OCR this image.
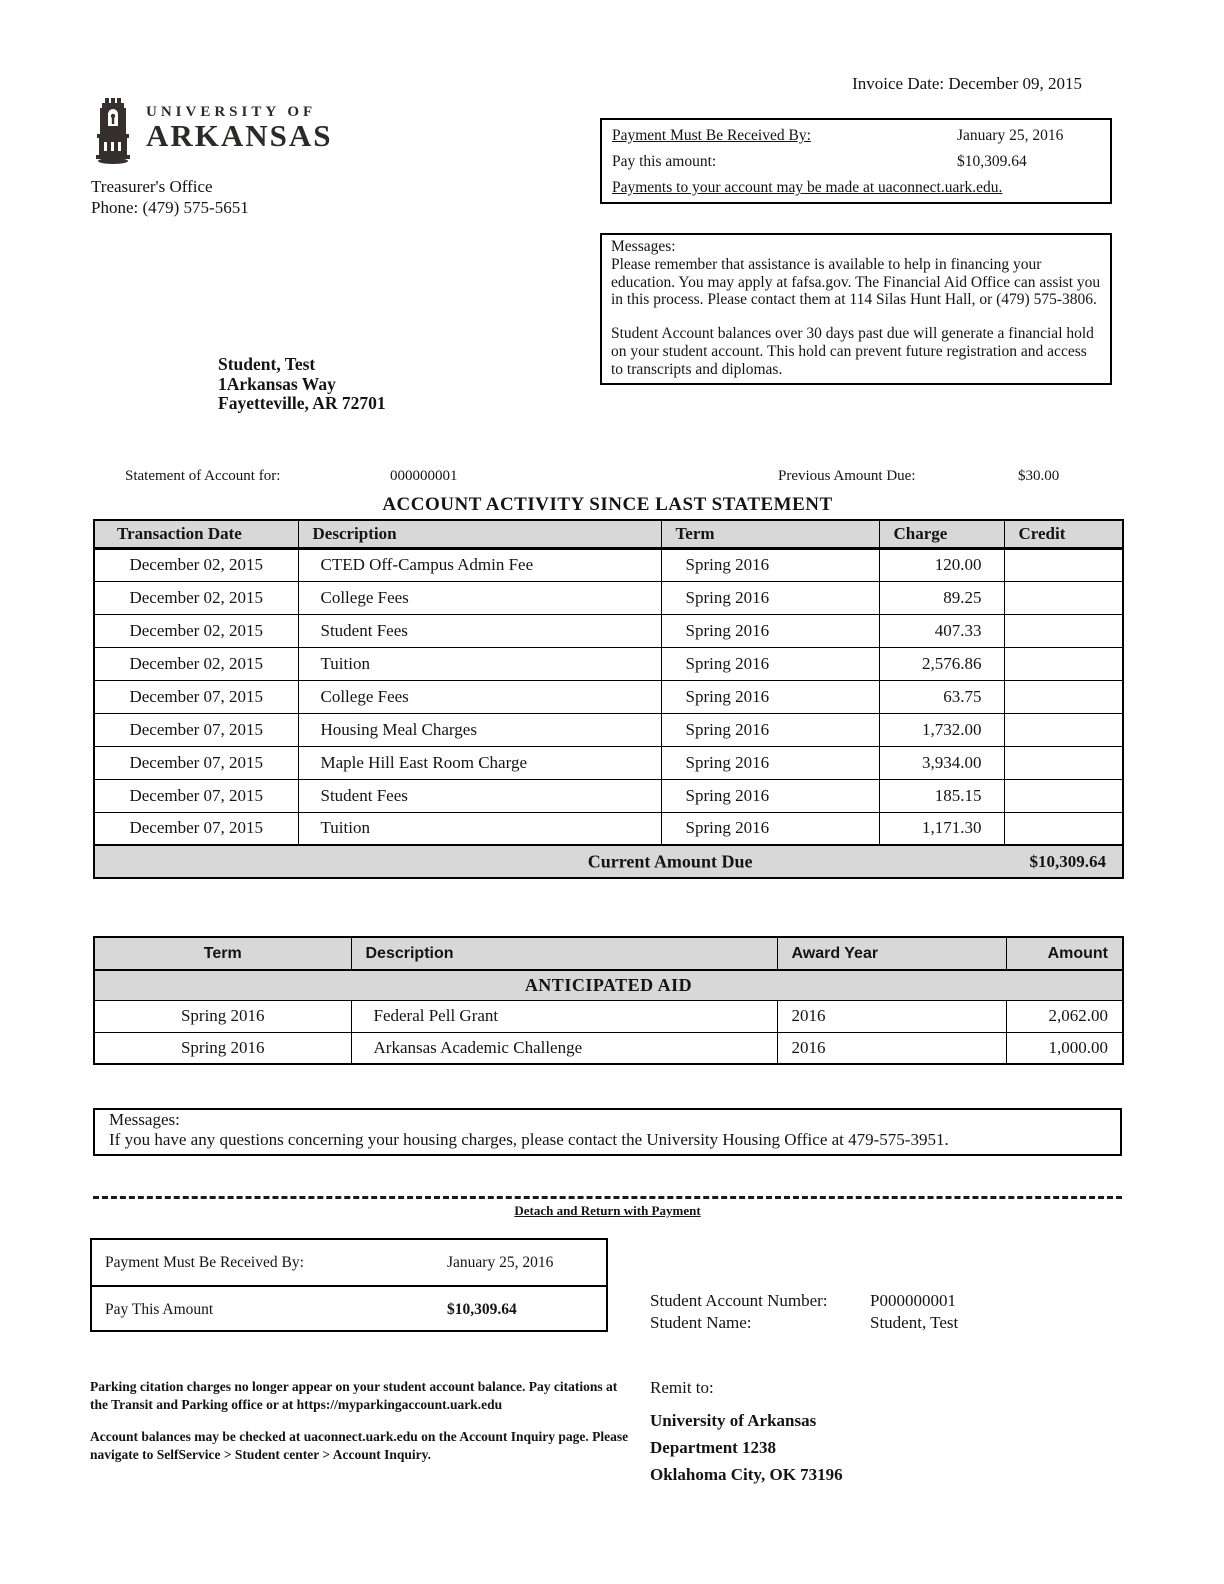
Invoice Date: December 09, 2015
UNIVERSITY OF
ARKANSAS
Treasurer's Office
Phone: (479) 575-5651
Payment Must Be Received By:	January 25, 2016
Pay this amount:	$10,309.64
Payments to your account may be made at uaconnect.uark.edu.
Messages:
Please remember that assistance is available to help in financing your education. You may apply at fafsa.gov. The Financial Aid Office can assist you in this process. Please contact them at 114 Silas Hunt Hall, or (479) 575-3806.
Student Account balances over 30 days past due will generate a financial hold on your student account. This hold can prevent future registration and access to transcripts and diplomas.
Student, Test
1Arkansas Way
Fayetteville, AR 72701
Statement of Account for:	000000001	Previous Amount Due:	$30.00
ACCOUNT ACTIVITY SINCE LAST STATEMENT
Transaction Date	Description	Term	Charge	Credit
December 02, 2015	CTED Off-Campus Admin Fee	Spring 2016	120.00	
December 02, 2015	College Fees	Spring 2016	89.25	
December 02, 2015	Student Fees	Spring 2016	407.33	
December 02, 2015	Tuition	Spring 2016	2,576.86	
December 07, 2015	College Fees	Spring 2016	63.75	
December 07, 2015	Housing Meal Charges	Spring 2016	1,732.00	
December 07, 2015	Maple Hill East Room Charge	Spring 2016	3,934.00	
December 07, 2015	Student Fees	Spring 2016	185.15	
December 07, 2015	Tuition	Spring 2016	1,171.30	

Current Amount Due $10,309.64				
ANTICIPATED AID			
Term	Description	Award Year	Amount
Spring 2016	Federal Pell Grant	2016	2,062.00
Spring 2016	Arkansas Academic Challenge	2016	1,000.00
Messages:
If you have any questions concerning your housing charges, please contact the University Housing Office at 479-575-3951.
Detach and Return with Payment
Payment Must Be Received By:	January 25, 2016
Pay This Amount	$10,309.64	Student Account Number:	P000000001
Student Name:	Student, Test
Parking citation charges no longer appear on your student account balance. Pay citations at the Transit and Parking office or at https://myparkingaccount.uark.edu
Account balances may be checked at uaconnect.uark.edu on the Account Inquiry page. Please navigate to SelfService > Student center > Account Inquiry.
Remit to:
University of Arkansas
Department 1238
Oklahoma City, OK 73196
